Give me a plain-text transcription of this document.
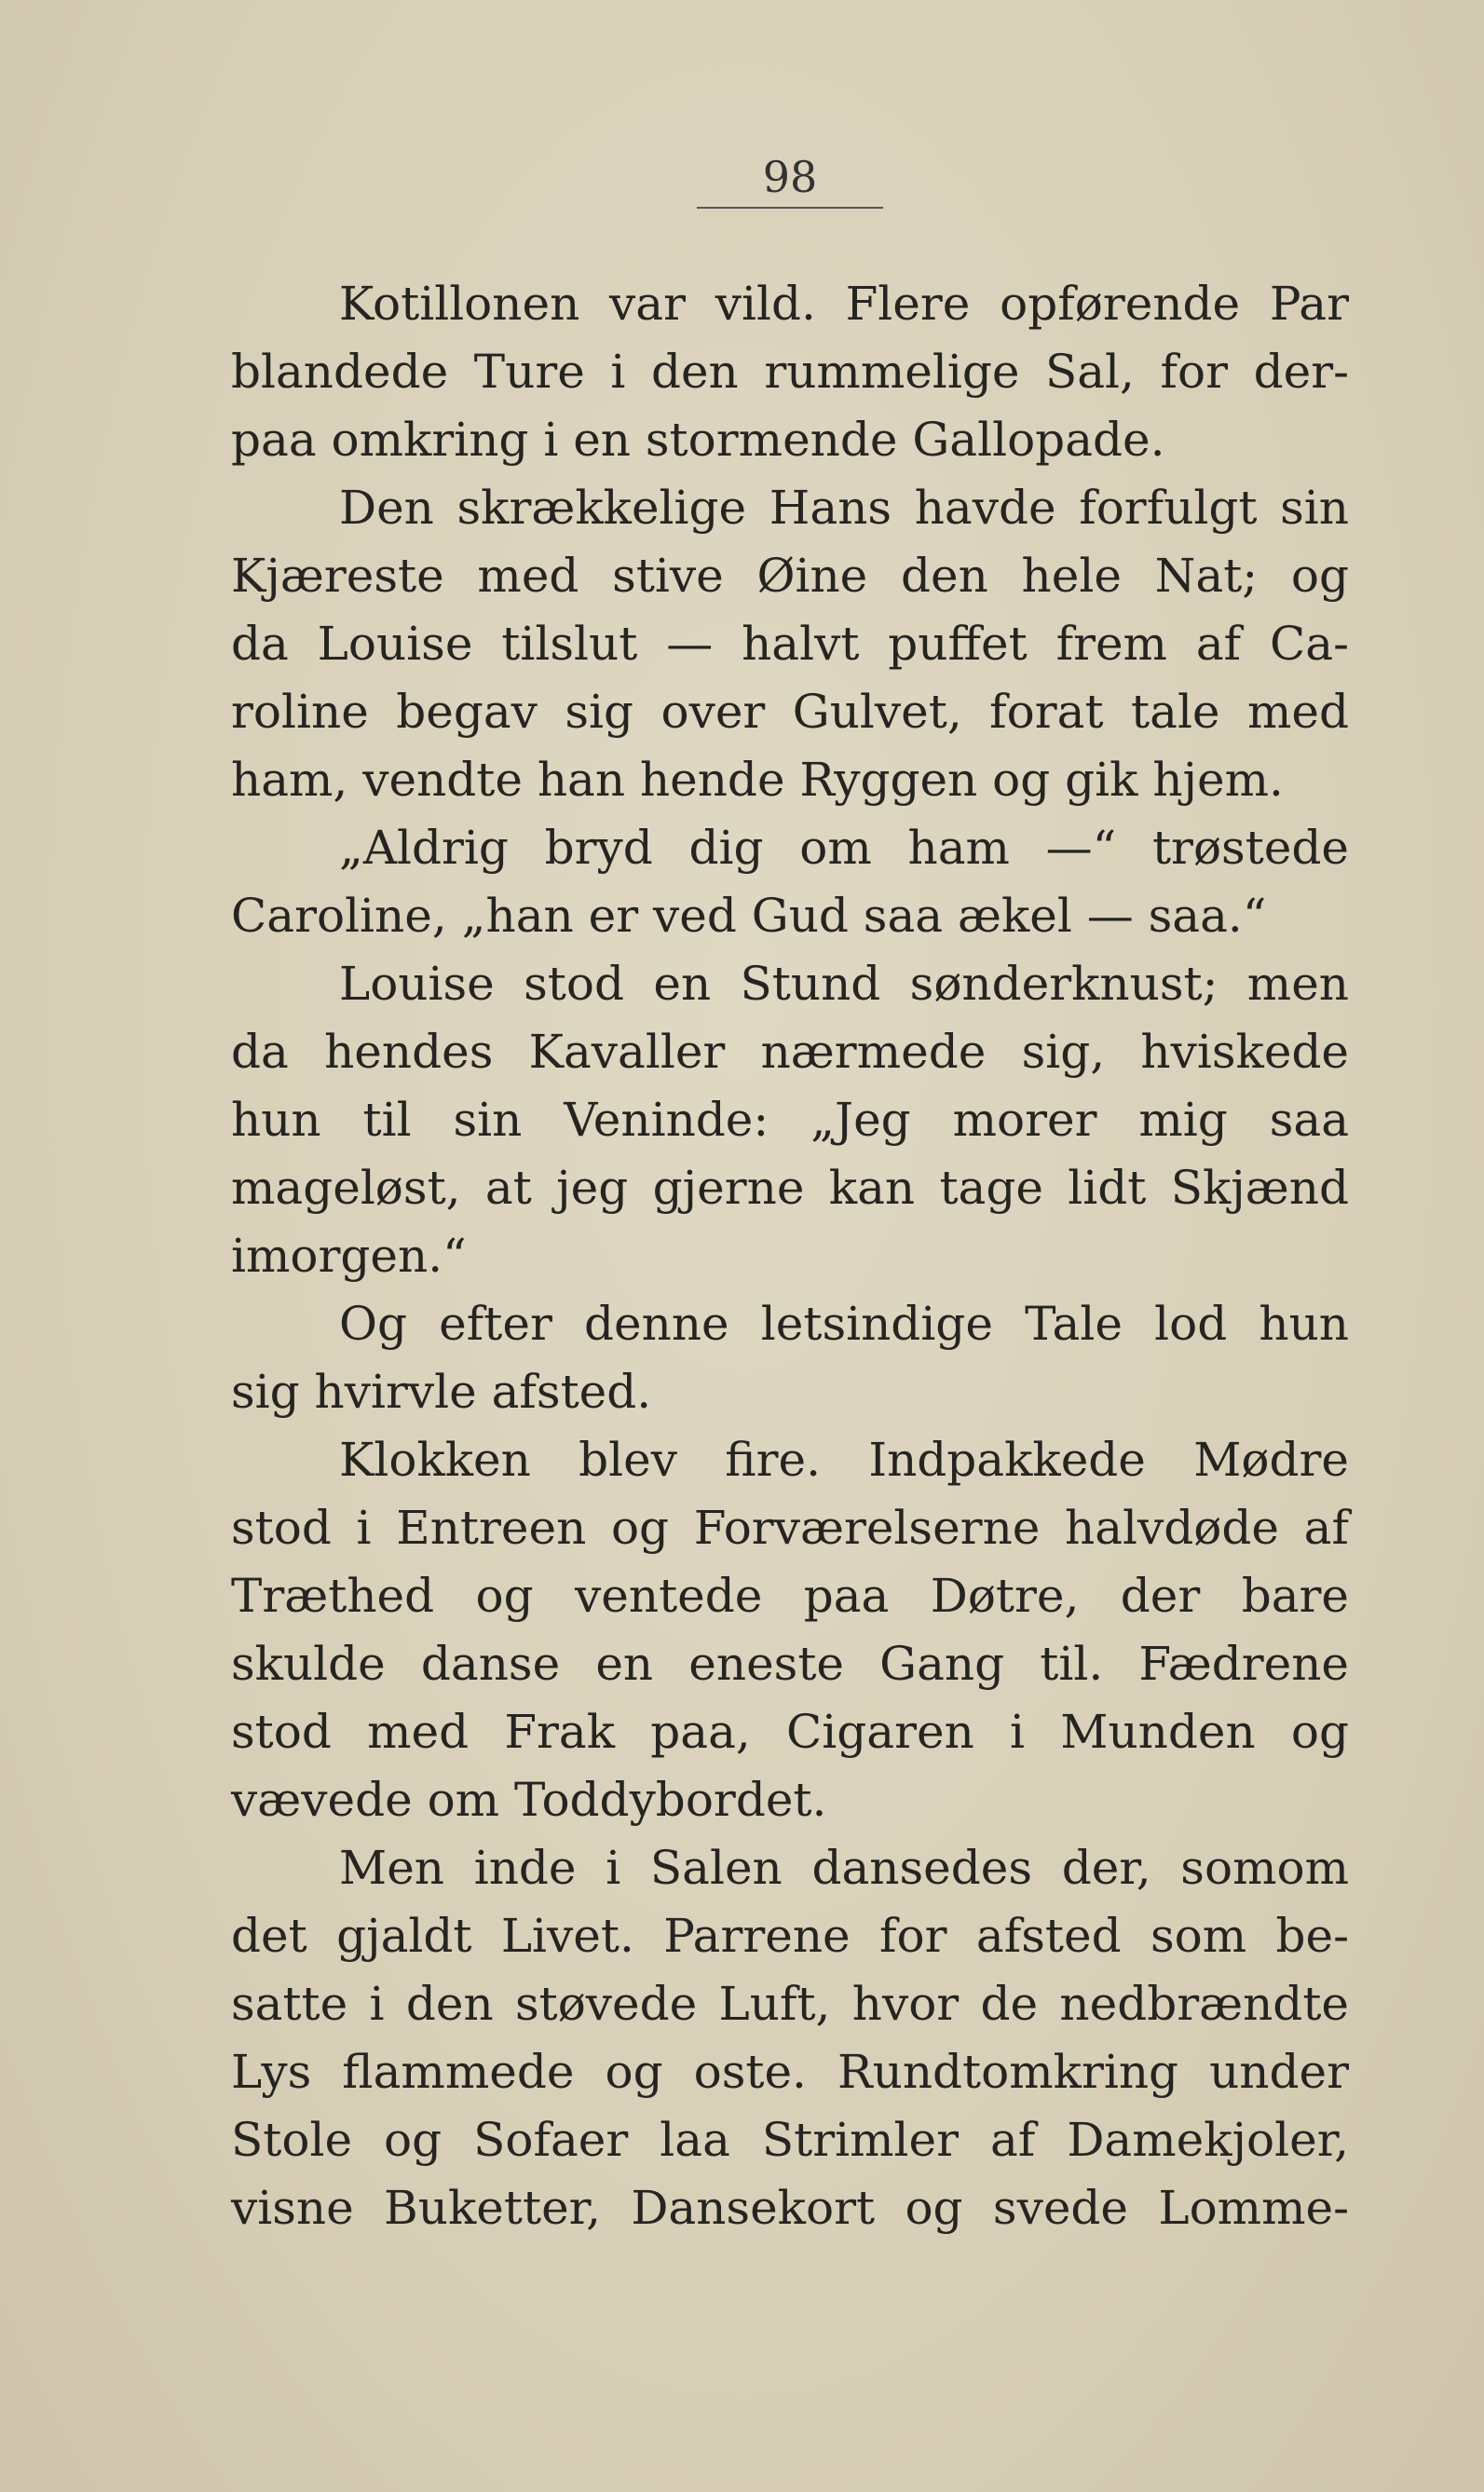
98
Kotillonen var vild. Flere opførende Par
blandede Ture i den rummelige Sal, for der-
paa omkring i en stormende Gallopade.
Den skrækkelige Hans havde forfulgt sin
Kjæreste med stive Øine den hele Nat; og
da Louise tilslut — halvt puffet frem af Ca-
roline begav sig over Gulvet, forat tale med
ham, vendte han hende Ryggen og gik hjem.
„Aldrig bryd dig om ham —“ trøstede
Caroline, „han er ved Gud saa ækel — saa.“
Louise stod en Stund sønderknust; men
da hendes Kavaller nærmede sig, hviskede
hun til sin Veninde: „Jeg morer mig saa
mageløst, at jeg gjerne kan tage lidt Skjænd
imorgen.“
Og efter denne letsindige Tale lod hun
sig hvirvle afsted.
Klokken blev fire. Indpakkede Mødre
stod i Entreen og Forværelserne halvdøde af
Træthed og ventede paa Døtre, der bare
skulde danse en eneste Gang til. Fædrene
stod med Frak paa, Cigaren i Munden og
vævede om Toddybordet.
Men inde i Salen dansedes der, somom
det gjaldt Livet. Parrene for afsted som be-
satte i den støvede Luft, hvor de nedbrændte
Lys flammede og oste. Rundtomkring under
Stole og Sofaer laa Strimler af Damekjoler,
visne Buketter, Dansekort og svede Lomme-
